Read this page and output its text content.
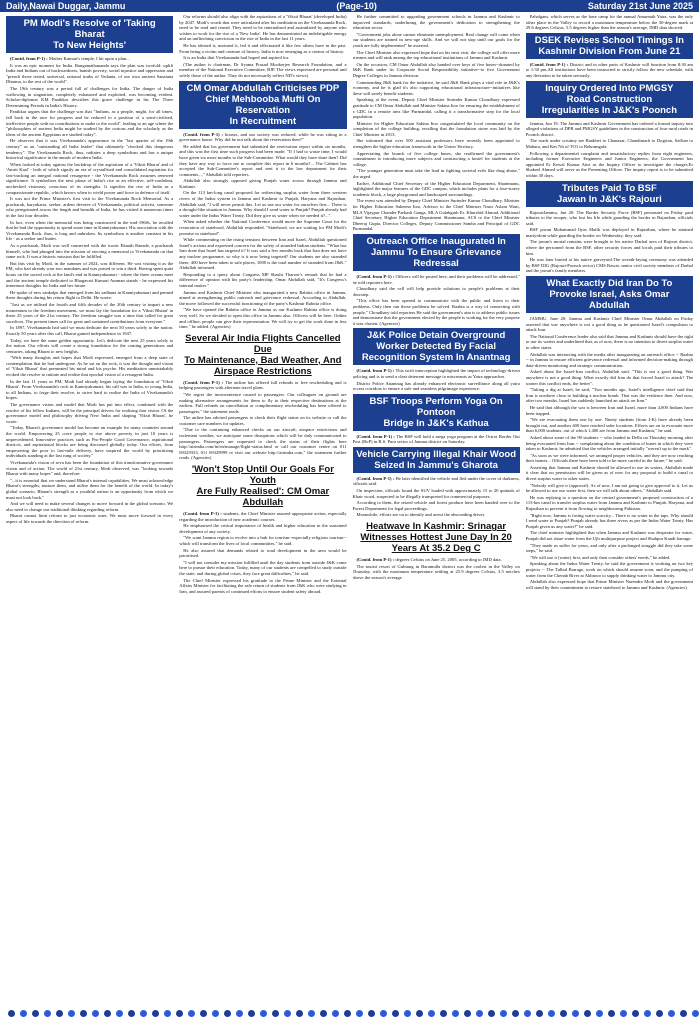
Daily,Nawai Duggar, Jammu	(Page-10)	Saturday 21st June 2025
PM Modi's Resolve of 'Taking Bharat
To New Heights'

(Contd. from P-1) : Mother Kumari's temple, I hit upon a plan...

It was an epic moment for India. Rangamathananda says the plan was twofold: uplift India and Indians out of backwardness, banish poverty, social injustice and oppression and "preach those tested, universal, rational truths of Vedanta, of our own ancient Sanatana Dharma, to the rest of the world".

The 19th century was a period full of challenges for India. The danger of India wallowing in stagnation, completely exhausted and exploited, was becoming evident. Scholar-diplomat KM Panikkar describes this grave challenge in his The Three Determining Periods in India's History.

Panikkar argues that the challenge was that "Indians, as a people, might, for all times, fall back in the race for progress and be reduced to a position of a semi-civilised, ineffective people with no contributions to make to the world", leading to an age where the "philosophies of ancient India might be studied by the curious and the scholarly as the ideas of the ancient Egyptians are studied today".

He observes that it was Vivekananda's appearance in the "last quarter of the 19th century" as an "outstanding all India leader" that ultimately "checked this dangerous tendency". The Vivekananda Rock, thus, radiates a deep symbolism and has a unique historical significance in the annals of modern India.

When looked at today against the backdrop of the aspiration of a 'Viksit Bharat' and of 'Amrit Kaal' - both of which signify an era of crystallised and consolidated aspiration for fast-tracking an integral national resurgence - the Vivekananda Rock assumes renewed significance. It symbolises the next phase of India's rise as an effective, self-confident, unchecked visionary, conscious of its strengths. It signifies the rise of India as a compassionate republic, which knows when to wield power and force in defence of itself.

It was not the Prime Minister's first visit to the Vivekananda Rock Memorial. As a pracharak, karyakarta, seeker, ardent devotee of Vivekananda, political activist, someone who peregrinated across the length and breadth of India, he has visited it numerous times in the last four decades.

In fact, even when the memorial was being constructed in the mid-1960s, he recalled that he had the opportunity to spend some time in Kanniyakumari. His association with the Vivekananda Rock, thus, is long and unbroken. Its symbolism is another constant in his life - as a seeker and leader.

As a pracharak, Modi was well connected with the iconic Eknath Ranade, a pracharak himself, who had plunged into the mission of erecting a memorial to Vivekananda on that same rock. It was a historic mission that he fulfilled.

But this visit by Modi, in the summer of 2024, was different. He was visiting it as the PM, who had already won two mandates and was poised to win a third. Having spent quiet hours on the sacred rock at the land's end in Kanniyakumari - where the three oceans meet and the ancient temple dedicated to Bhagavati Kumari Amman stands - he expressed his innermost thoughts for India and her future.

He spoke of new sankalps that emerged from his sadhana in Kanniyakumari and penned these thoughts during his return flight to Delhi. He wrote:

"Just as we utilised the fourth and fifth decades of the 20th century to impart a new momentum to the freedom movement, we must lay the foundation for a 'Viksit Bharat' in these 25 years of the 21st century. The freedom struggle was a time that called for great sacrifices. The present times call for great and sustained contributions from everyone."

In 1897, Vivekananda had said we must dedicate the next 50 years solely to the nation. Exactly 50 years after this call, Bharat gained independence in 1947.

Today, we have the same golden opportunity. Let's dedicate the next 25 years solely to the nation. Our efforts will create a strong foundation for the coming generations and centuries, taking Bharat to new heights.

"With many thoughts and hopes that Modi expressed, emerged from a deep state of contemplation that he had undergone. As he sat on the rock, it was the thought and vision of 'Viksit Bharat' that permeated his mind and his psyche. His meditation unmistakably evoked the resolve to initiate and realise that epochal vision of a resurgent India.

In the last 11 years as PM, Modi had already begun laying the foundation of 'Viksit Bharat'. From Vivekananda's rock in Kanniyakumari, his call was to India, to young India, to all Indians, to forge their resolve, to strive hard to realise the India of Vivekananda's hopes.

The governance vision and model that Modi has put into effect, combined with the resolve of his fellow Indians, will be the principal drivers for realising that vision. Of the governance model and philosophy driving New India and shaping 'Viksit Bharat', he wrote:

"Today, Bharat's governance model has become an example for many countries around the world. Empowering 25 crore people to rise above poverty in just 10 years is unprecedented. Innovative practices such as Pro-People Good Governance, aspirational districts, and aspirational blocks are being discussed globally today. Our efforts, from empowering the poor to last-mile delivery, have inspired the world by prioritising individuals standing at the last rung of society."

Vivekananda's vision of seva has been the foundation of this transformative governance vision and of action. The world of 21st century, Modi observed, was "looking towards Bharat with many hopes" and, therefore:

"...it is essential that we understand Bharat's internal capabilities. We must acknowledge Bharat's strengths, nurture them, and utilise them for the benefit of the world. In today's global scenario, Bharat's strength as a youthful nation is an opportunity from which we must not look back."

And we will need to make several changes to move forward in the global scenario. We also need to change our traditional thinking regarding reform.

Bharat cannot limit reform to just economic ones. We must move forward in every aspect of life towards the direction of reform.

Our reforms should also align with the aspirations of a 'Viksit Bharat' (developed India) by 2047. Modi's words that were articulated after his meditation on the Vivekananda Rock, need to be read and reread. They need to be internalised and assimilated by anyone who wishes to work for the rise of a 'New India'. He has demonstrated an indefatigable energy and an unflinching conviction in the rise of India in the last 11 years.

He has ideated it, nurtured it, led it and effectuated it like few others have in the past. From being a victim and creature of history, India is now emerging as a creator of history.

It is an India that Vivekananda had hoped and aspired for.

(The author is chairman, Dr Syama Prasad Mookerjee Research Foundation, and a member of the National Executive Committee, BJP. The views expressed are personal and solely those of the author. They do not necessarily reflect ND's views)

CM Omar Abdullah Criticises PDP
Chief Mehbooba Mufti On Reservation
In Recruitment

(Contd. from P-1) : houses, and our society was reduced, while he was sitting in a governance house. Why did he not talk about the reservation then?"

He added that his government had submitted the reservation report within six months, and this was the first time such progress had been made. "If I had to waste time, I would have given six more months to the Sub-Committee. What would they have done then? Did they have any way to force me to complete this report in 6 months?... The Cabinet has accepted the Sub-Committee's report and sent it to the law department for their comments...," Abdullah told reporters.

Abdullah also strongly opposed giving Punjab water across through Jammu and Kashmir.

On the 113 km-long canal proposed for redirecting surplus water from three western rivers of the Indus system in Jammu and Kashmir to Punjab, Haryana and Rajasthan, Abdullah said, "I will never permit this. Let us use our water for ourselves first... There is a drought-like situation in Jammu. Why should I send water to Punjab? Punjab already had water under the Indus Water Treaty. Did they give us water when we needed it?...".

When asked whether the National Conference would move the Supreme Court for the restoration of statehood, Abdullah responded, "Statehood, we are waiting for PM Modi's promise in statehood".

While commenting on the rising tensions between Iran and Israel, Abdullah questioned Israel's actions and expressed concern for the safety of stranded Indian students. "What has Iran done that Israel has targeted it? It was said a few months back that Iran does not have any nuclear programme, so why is it now being targeted? Our students are also stranded there, 400 have been taken to safe places, 1000 is the total number of stranded from J&K," Abdullah informed.

Responding to a query about Congress MP Shashi Tharoor's remark that he had a difference of opinion with his party's leadership, Omar Abdullah said, "It's Congress's internal matter."

Jammu and Kashmir Chief Minister also inaugurated a new Rabitta office in Jammu, aimed at strengthening public outreach and grievance redressal. According to Abdullah, the move followed the successful functioning of the party's Kashmir Rabitta office.

"We have opened the Rabitta office in Jammu as our Kashmir Rabitta office is doing very well. So we decided to open this office in Jammu also. Officers will be here. Online and offline, people can give their representation. We will try to get the work done in less time," he added. (Agencies)

Several Air India Flights Cancelled Due
To Maintenance, Bad Weather, And
Airspace Restrictions

(Contd. from P-1) : The airline has offered full refunds or free rescheduling and is helping passengers with alternate travel plans.

"We regret the inconvenience caused to passengers. Our colleagues on ground are making alternative arrangements for them to fly to their respective destinations at the earliest. Full refunds on cancellation or complimentary rescheduling has been offered to passengers," the statement reads.

The airline has advised passengers to check their flight status on its website or call the customer care numbers for updates.

"Due to the continuing enhanced checks on our aircraft, airspace restrictions and inclement weather, we anticipate some disruptions which will be duly communicated to passengers. Passengers are requested to check the status of their flights here http://airindia.com/in/en/manage/flight-status.html or call our customer centre on 011 69329333, 011 69329999 or visit our website http://airindia.com," the statement further reads. (Agencies)

'Won't Stop Until Our Goals For Youth
Are Fully Realised': CM Omar Abdullah

(Contd. from P-1) : students, the Chief Minister assured appropriate action, especially regarding the introduction of new academic courses.

He emphasised the critical importance of health and higher education in the sustained development of any society.

"We want Jammu region to evolve into a hub for tourism--especially religious tourism--which will transform the lives of local communities," he said.

He also assured that demands related to road development in the area would be prioritised.

"I will not consider my mission fulfilled until the day students from outside J&K come here to pursue their education. Today, many of our students are compelled to study outside the state, and during global crises, they face great difficulties," he said.

The Chief Minister expressed his gratitude to the Prime Minister and the External Affairs Minister for facilitating the safe return of students from J&K who were studying in Iran, and assured parents of continued efforts to ensure student safety abroad.

He further committed to upgrading government schools in Jammu and Kashmir to improved standards, underlining the government's dedication to strengthening the education sector.

"Government jobs alone cannot eliminate unemployment. Real change will come when our students are trained in new-age skills. And we will not stop until our goals for the youth are fully implemented" he asserted.

The Chief Minister also expressed hope that on his next visit, the college will offer more streams and will rank among the top educational institutions of Jammu and Kashmir.

On the occasion, CM Omar Abdullah also handed over keys of five buses--donated by J&K Bank under its Corporate Social Responsibility initiative--to five Government Degree Colleges in Jammu division.

Commending J&K bank for the initiative, he said J&K Bank plays a vital role in J&K's economy, and he is glad it's also supporting educational infrastructure--initiatives like these will surely benefit students.

Speaking at the event, Deputy Chief Minister Surinder Kumar Choudhary expressed gratitude to CM Omar Abdullah and Minister Sakina Itoo for ensuring the establishment of a GDC in a remote area like Purmandal, calling it a transformative step for the local population.

Minister for Higher Education Sakina Itoo congratulated the local community on the completion of the college building, recalling that the foundation stone was laid by the Chief Minister in 2013.

She informed that over 500 assistant professors have recently been appointed to strengthen the higher education framework in the Union Territory.

Appreciating the launch of five college buses, she reaffirmed the government's commitment to introducing more subjects and constructing a hostel for students at the college.

"The younger generation must take the lead in fighting societal evils like drug abuse," she urged.

Earlier, Additional Chief Secretary of the Higher Education Department, Shantmanu, highlighted the major features of the GDC campus, which includes plans for a four-storey academic block, a large playground and landscaped surroundings.

The event was attended by Deputy Chief Minister Surinder Kumar Choudhary, Minister for Higher Education Sakeena Itoo, Advisor to the Chief Minister Nasir Aslam Wani, MLA Vijaypur Chander Parkash Ganga, MLA Gulabgarh Er. Khurshid Ahmad, Additional Chief Secretary Higher Education Department Shantmanu, ACS to the Chief Minister Dheeraj Gupta, Director Colleges, Deputy Commissioner Samba and Principal of GDC Purmandal.

Outreach Office Inaugurated In
Jammu To Ensure Grievance
Redressal

(Contd. from P-1) : Officers will be posted here, and their problems will be addressed," he told reporters here.

Choudhary said the cell will help provide solutions to people's problems at their doorstep.

"This office has been opened to communicate with the public and listen to their problems. Only then can those problems be solved. Raabta is a way of connecting with people," Choudhary told reporters.He said the government's aim is to address public issues and demonstrate that the government elected by the people is working for the very purpose it was chosen. (Agencies)

J&K Police Detain Overground
Worker Detected By Facial
Recognition System In Anantnag

(Contd. from P-1) : This swift interception highlighted the impact of technology-driven policing and is to send a clear deterrent message to miscreants as Yatra approaches.

District Police Anantnag has already enhanced electronic surveillance along all yatra access corridors to ensure a safe and seamless pilgrimage experience.

BSF Troops Perform Yoga On Pontoon
Bridge In J&K's Kathua

(Contd. from P-1) : The BSF will hold a mega yoga program at the Octroi Border Out Post (BoP) in R.S. Pura sector of Jammu district on Saturday.

Vehicle Carrying Illegal Khair Wood
Seized In Jammu's Gharota

(Contd. from P-1) : He later identified the vehicle and fled under the cover of darkness, officials said.

On inspection, officials found the SUV loaded with approximately 15 to 20 quintals of Khair wood, suspected to be illegally transported for commercial purposes.

According to them, the seized vehicle and forest produce have been handed over to the Forest Department for legal proceedings.

Meanwhile, efforts are on to identify and arrest the absconding driver.

Heatwave In Kashmir: Srinagar
Witnesses Hottest June Day In 20
Years At 35.2 Deg C

(Contd. from P-1) : degrees Celsius on June 25, 2005, according to IMD data.

The tourist resort of Gulmarg in Baramulla district was the coolest in the Valley on Thursday, with the maximum temperature settling at 25.9 degrees Celsius, 3.5 notches above the season's average.

Pahalgam, which serves as the base camp for the annual Amarnath Yatra, was the only other place in the Valley to record a maximum temperature below the 30-degree mark at 29.6 degrees Celsius, 5.5 degrees higher than the season's average, IMD data showed.

DSEK Revises School Timings In
Kashmir Division From June 21

(Contd. from P-1) : District and in other parts of Kashmir will function from 8:30 am to 1:30 pm.All institutions have been instructed to strictly follow the new schedule, with any deviation to be taken seriously.

Inquiry Ordered Into PMGSY
Road Construction
Irregularities In J&K's Poonch

Jammu, Jun 19: The Jammu and Kashmir Government has ordered a formal inquiry into alleged violations of DPR and PMGSY guidelines in the construction of four rural roads in Poonch district.

The roads under scrutiny are Bankhet to Chanasar, Chandimarh to Dogrian, Saffian to Mahara, and Km 7th of TO1 to Behramgala.

Following a departmental complaint and unsatisfactory replies from eight engineers, including former Executive Engineers and Junior Engineers, the Government has appointed Er Kewal Kumar Attri as the Inquiry Officer to investigate the charges.Er Shakeel Ahmed will serve as the Presenting Officer. The inquiry report is to be submitted within 30 days.

Tributes Paid To BSF
Jawan In J&K's Rajouri

RajouriJammu, Jun 20: The Border Security Force (BSF) personnel on Friday paid tributes to the trooper, who lost his life while guarding the border in Rajasthan, officials said.

BSF jawan Mohammad Ilyas Malik was deployed in Rajasthan, where he attained martyrdom while guarding the border on Wednesday, they said.

The jawan's mortal remains were brought to his native Darhal area of Rajouri district, where the personnel from the BSF, other security forces and locals paid their tributes to him.

He was later buried at his native graveyard.The wreath-laying ceremony was attended by BSF DIG (Rajouri-Poonch sector) CMS Rawat, senior civil society members of Darhal and the jawan's family members.

What Exactly Did Iran Do To
Provoke Israel, Asks Omar
Abdullah

JAMMU, June 20: Jammu and Kashmir Chief Minister Omar Abdullah on Friday asserted that war anywhere is not a good thing as he questioned Israel's compulsion to attack Iran.

The National Conference leader also said that Jammu and Kashmir should have the right to use its waters and underlined that, as of now, there is no intention to divert surplus water to other states.

Abdullah was interacting with the media after inaugurating an outreach office -- Raabta -- in Jammu to ensure efficient grievance redressal and informed decision-making through data-driven monitoring and strategic communication.

Asked about the Israel-Iran conflict, Abdullah said, "This is not a good thing. War anywhere is not a good thing. What exactly did Iran do that forced Israel to attack? The sooner this conflict ends, the better".

"Taking a dig at Israel, he said, "Two months ago, Israel's intelligence chief said that Iran is nowhere close to building a nuclear bomb. That was the evidence then. And now, after two months, Israel has suddenly launched an attack on Iran."

He said that although the war is between Iran and Israel, more than 4,000 Indians have been trapped.

"We are evacuating them one by one. Ninety students (from J-K) have already been brought out, and another 400 have reached safer locations. Efforts are on to evacuate more than 6,000 students, out of which 1,400 are from Jammu and Kashmir," he said.

Asked about some of the 90 students -- who landed in Delhi on Thursday morning after being evacuated from Iran -- complaining about the condition of buses in which they were taken to Kashmir, he admitted that the vehicles arranged initially "weren't up to the mark".

"As soon as we were informed, we arranged proper vehicles, and they are now reaching their homes... Officials there have been told to be more careful in the future," he said.

Asserting that Jammu and Kashmir should be allowed to use its waters, Abdullah made it clear that no permission will be given as of now for any proposal to build a canal to divert surplus water to other states.

"Nobody will give it (approval). As of now, I am not going to give approval to it. Let us be allowed to use our water first, then we will talk about others," Abdullah said.

He was replying to a question on the central government's proposed construction of a 113-km canal to transfer surplus water from Jammu and Kashmir to Punjab, Haryana, and Rajasthan to prevent it from flowing to neighbouring Pakistan.

"Right now, Jammu is facing water scarcity... There is no water in the taps. Why should I send water to Punjab? Punjab already has three rivers as per the Indus Water Treaty. Has Punjab given us any water?" he said.

The chief minister highlighted that when Jammu and Kashmir was desperate for water, Punjab did not share water from the Ujh multipurpose project and Shahpur Kandi barrage.

"They made us suffer for years, and only after a prolonged struggle did they take some steps," he said.

"We will use it (water) first, and only then consider others' needs," he added.

Speaking about the Indus Water Treaty, he said the government is working on two key projects -- The Tulbul Barrage, work on which should resume soon, and the pumping of water from the Chenab River at Akhnoor to supply drinking water to Jammu city.

Abdullah also expressed hope that Prime Minister Narendra Modi and the government will stand by their commitment to restore statehood to Jammu and Kashmir. (Agencies)
